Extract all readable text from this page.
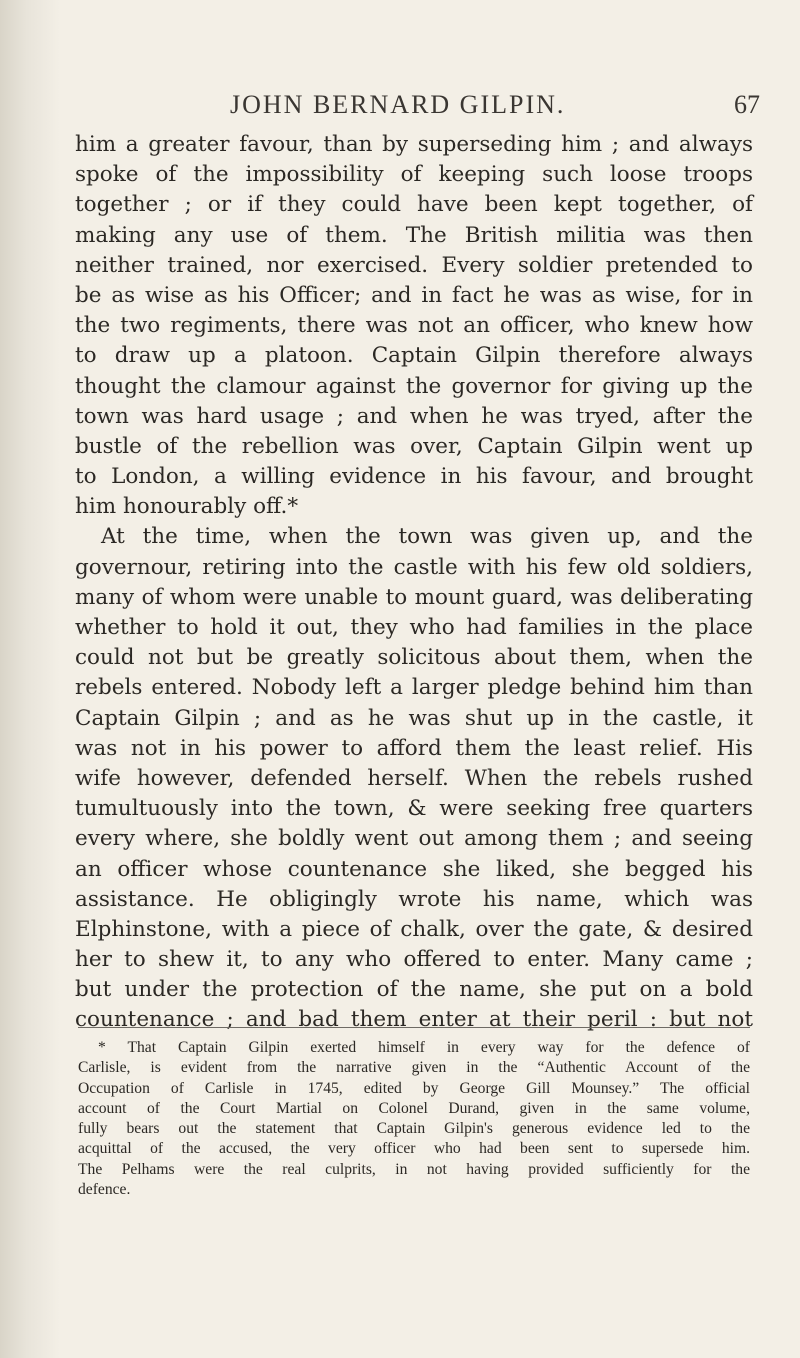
JOHN BERNARD GILPIN.	67
him a greater favour, than by superseding him ; and always
spoke of the impossibility of keeping such loose troops
together ; or if they could have been kept together, of
making any use of them. The British militia was then
neither trained, nor exercised. Every soldier pretended to
be as wise as his Officer; and in fact he was as wise, for in
the two regiments, there was not an officer, who knew how
to draw up a platoon. Captain Gilpin therefore always
thought the clamour against the governor for giving up the
town was hard usage ; and when he was tryed, after the
bustle of the rebellion was over, Captain Gilpin went up
to London, a willing evidence in his favour, and brought
him honourably off.*
At the time, when the town was given up, and the
governour, retiring into the castle with his few old soldiers,
many of whom were unable to mount guard, was deliberating
whether to hold it out, they who had families in the place
could not but be greatly solicitous about them, when the
rebels entered. Nobody left a larger pledge behind him than
Captain Gilpin ; and as he was shut up in the castle, it
was not in his power to afford them the least relief. His
wife however, defended herself. When the rebels rushed
tumultuously into the town, & were seeking free quarters
every where, she boldly went out among them ; and seeing
an officer whose countenance she liked, she begged his
assistance. He obligingly wrote his name, which was
Elphinstone, with a piece of chalk, over the gate, & desired
her to shew it, to any who offered to enter. Many came ;
but under the protection of the name, she put on a bold
countenance ; and bad them enter at their peril : but not
* That Captain Gilpin exerted himself in every way for the defence of
Carlisle, is evident from the narrative given in the “Authentic Account of the
Occupation of Carlisle in 1745, edited by George Gill Mounsey.” The official
account of the Court Martial on Colonel Durand, given in the same volume,
fully bears out the statement that Captain Gilpin's generous evidence led to the
acquittal of the accused, the very officer who had been sent to supersede him.
The Pelhams were the real culprits, in not having provided sufficiently for the
defence.
